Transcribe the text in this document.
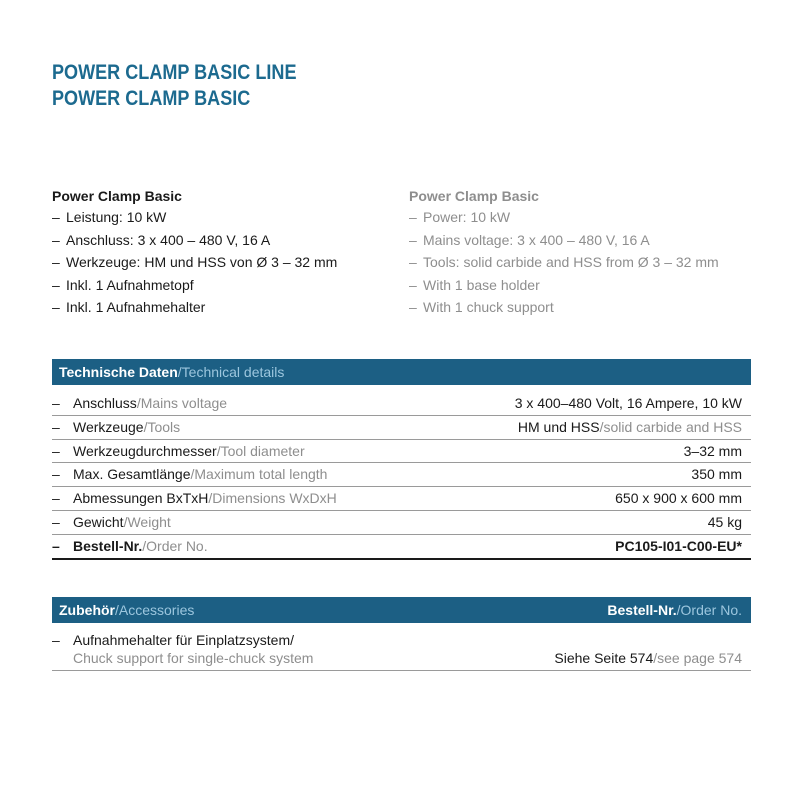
POWER CLAMP BASIC LINE
POWER CLAMP BASIC
Power Clamp Basic
– Leistung: 10 kW
– Anschluss: 3 x 400 – 480 V, 16 A
– Werkzeuge: HM und HSS von Ø 3 – 32 mm
– Inkl. 1 Aufnahmetopf
– Inkl. 1 Aufnahmehalter
Power Clamp Basic
– Power: 10 kW
– Mains voltage: 3 x 400 – 480 V, 16 A
– Tools: solid carbide and HSS from Ø 3 – 32 mm
– With 1 base holder
– With 1 chuck support
Technische Daten/Technical details
– Anschluss/Mains voltage	3 x 400–480 Volt, 16 Ampere, 10 kW
– Werkzeuge/Tools	HM und HSS/solid carbide and HSS
– Werkzeugdurchmesser/Tool diameter	3–32 mm
– Max. Gesamtlänge/Maximum total length	350 mm
– Abmessungen BxTxH/Dimensions WxDxH	650 x 900 x 600 mm
– Gewicht/Weight	45 kg
– Bestell-Nr./Order No.	PC105-I01-C00-EU*
Zubehör/Accessories	Bestell-Nr./Order No.
– Aufnahmehalter für Einplatzsystem/
Chuck support for single-chuck system	Siehe Seite 574/see page 574
